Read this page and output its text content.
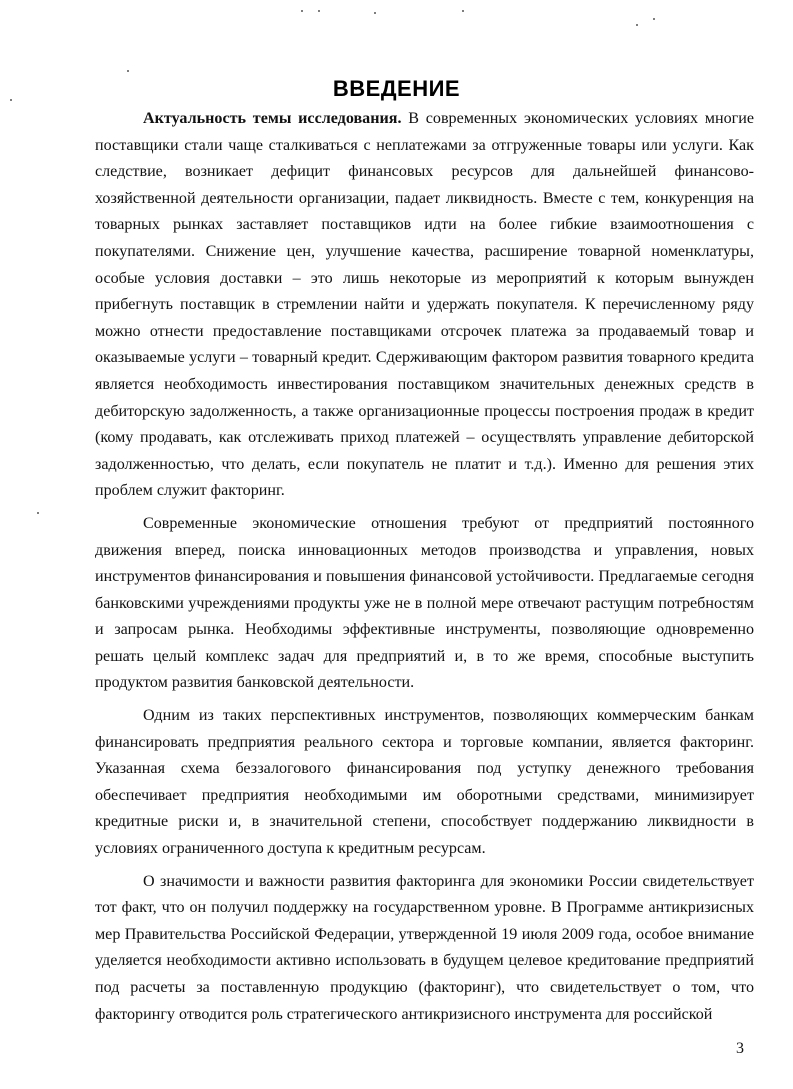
ВВЕДЕНИЕ

Актуальность темы исследования. В современных экономических условиях многие поставщики стали чаще сталкиваться с неплатежами за отгруженные товары или услуги. Как следствие, возникает дефицит финансовых ресурсов для дальнейшей финансово-хозяйственной деятельности организации, падает ликвидность. Вместе с тем, конкуренция на товарных рынках заставляет поставщиков идти на более гибкие взаимоотношения с покупателями. Снижение цен, улучшение качества, расширение товарной номенклатуры, особые условия доставки – это лишь некоторые из мероприятий к которым вынужден прибегнуть поставщик в стремлении найти и удержать покупателя. К перечисленному ряду можно отнести предоставление поставщиками отсрочек платежа за продаваемый товар и оказываемые услуги – товарный кредит. Сдерживающим фактором развития товарного кредита является необходимость инвестирования поставщиком значительных денежных средств в дебиторскую задолженность, а также организационные процессы построения продаж в кредит (кому продавать, как отслеживать приход платежей – осуществлять управление дебиторской задолженностью, что делать, если покупатель не платит и т.д.). Именно для решения этих проблем служит факторинг.

Современные экономические отношения требуют от предприятий постоянного движения вперед, поиска инновационных методов производства и управления, новых инструментов финансирования и повышения финансовой устойчивости. Предлагаемые сегодня банковскими учреждениями продукты уже не в полной мере отвечают растущим потребностям и запросам рынка. Необходимы эффективные инструменты, позволяющие одновременно решать целый комплекс задач для предприятий и, в то же время, способные выступить продуктом развития банковской деятельности.

Одним из таких перспективных инструментов, позволяющих коммерческим банкам финансировать предприятия реального сектора и торговые компании, является факторинг. Указанная схема беззалогового финансирования под уступку денежного требования обеспечивает предприятия необходимыми им оборотными средствами, минимизирует кредитные риски и, в значительной степени, способствует поддержанию ликвидности в условиях ограниченного доступа к кредитным ресурсам.

О значимости и важности развития факторинга для экономики России свидетельствует тот факт, что он получил поддержку на государственном уровне. В Программе антикризисных мер Правительства Российской Федерации, утвержденной 19 июля 2009 года, особое внимание уделяется необходимости активно использовать в будущем целевое кредитование предприятий под расчеты за поставленную продукцию (факторинг), что свидетельствует о том, что факторингу отводится роль стратегического антикризисного инструмента для российской

3
